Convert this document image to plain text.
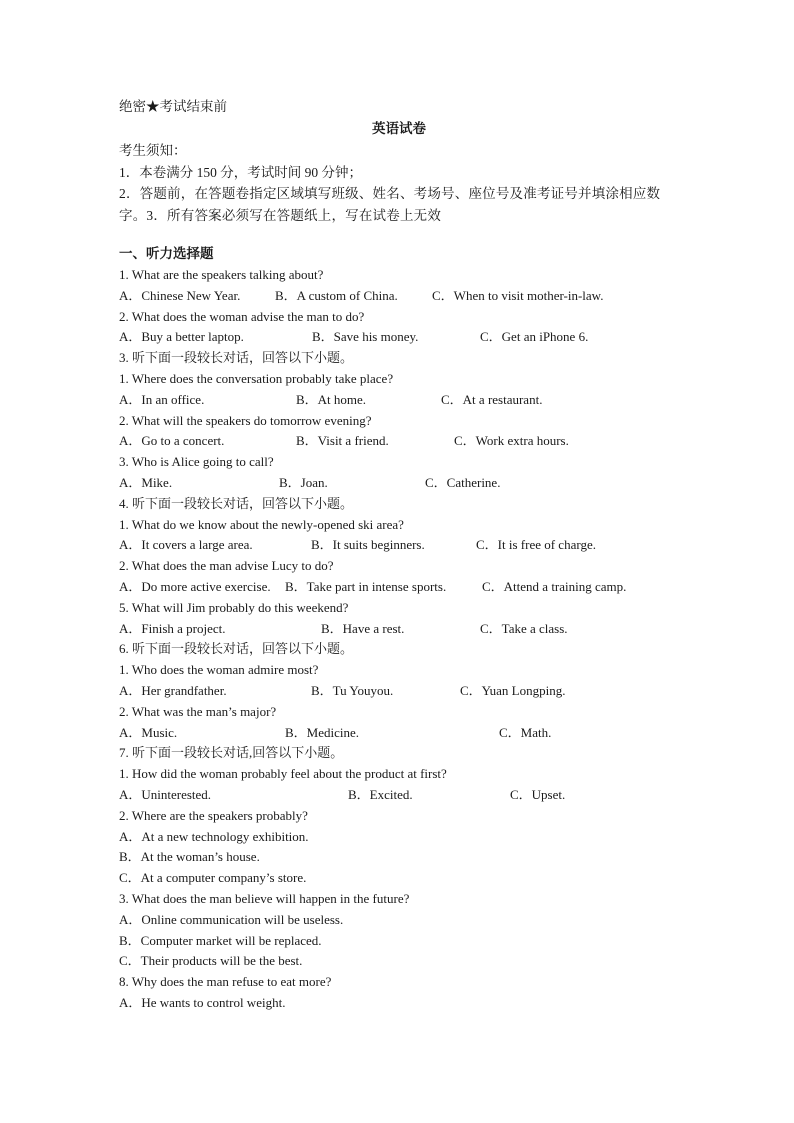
绝密★考试结束前
英语试卷
考生须知：
1．本卷满分 150 分，考试时间 90 分钟；
2．答题前，在答题卷指定区域填写班级、姓名、考场号、座位号及准考证号并填涂相应数字。3．所有答案必须写在答题纸上，写在试卷上无效
一、听力选择题
1. What are the speakers talking about?
A．Chinese New Year.	B．A custom of China.	C．When to visit mother-in-law.
2. What does the woman advise the man to do?
A．Buy a better laptop.	B．Save his money.	C．Get an iPhone 6.
3. 听下面一段较长对话，回答以下小题。
1. Where does the conversation probably take place?
A．In an office.	B．At home.	C．At a restaurant.
2. What will the speakers do tomorrow evening?
A．Go to a concert.	B．Visit a friend.	C．Work extra hours.
3. Who is Alice going to call?
A．Mike.	B．Joan.	C．Catherine.
4. 听下面一段较长对话，回答以下小题。
1. What do we know about the newly-opened ski area?
A．It covers a large area.	B．It suits beginners.	C．It is free of charge.
2. What does the man advise Lucy to do?
A．Do more active exercise. B．Take part in intense sports.	C．Attend a training camp.
5. What will Jim probably do this weekend?
A．Finish a project.	B．Have a rest.	C．Take a class.
6. 听下面一段较长对话，回答以下小题。
1. Who does the woman admire most?
A．Her grandfather.	B．Tu Youyou.	C．Yuan Longping.
2. What was the man’s major?
A．Music.	B．Medicine.	C．Math.
7. 听下面一段较长对话,回答以下小题。
1. How did the woman probably feel about the product at first?
A．Uninterested.	B．Excited.	C．Upset.
2. Where are the speakers probably?
A．At a new technology exhibition.
B．At the woman’s house.
C．At a computer company’s store.
3. What does the man believe will happen in the future?
A．Online communication will be useless.
B．Computer market will be replaced.
C．Their products will be the best.
8. Why does the man refuse to eat more?
A．He wants to control weight.
